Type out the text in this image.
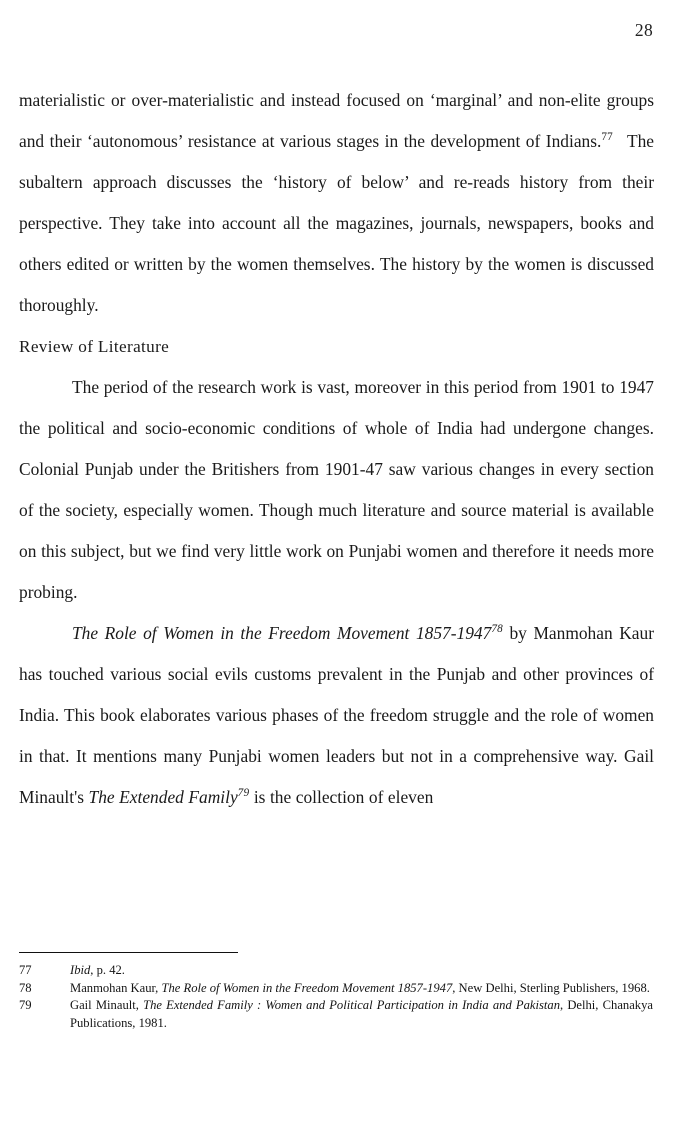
28

materialistic or over-materialistic and instead focused on ‘marginal’ and non-elite groups and their ‘autonomous’ resistance at various stages in the development of Indians.$^{77}$ The subaltern approach discusses the ‘history of below’ and re-reads history from their perspective. They take into account all the magazines, journals, newspapers, books and others edited or written by the women themselves. The history by the women is discussed thoroughly.

Review of Literature

The period of the research work is vast, moreover in this period from 1901 to 1947 the political and socio-economic conditions of whole of India had undergone changes. Colonial Punjab under the Britishers from 1901-47 saw various changes in every section of the society, especially women. Though much literature and source material is available on this subject, but we find very little work on Punjabi women and therefore it needs more probing.

The Role of Women in the Freedom Movement 1857-1947$^{78}$ by Manmohan Kaur has touched various social evils customs prevalent in the Punjab and other provinces of India. This book elaborates various phases of the freedom struggle and the role of women in that. It mentions many Punjabi women leaders but not in a comprehensive way. Gail Minault's The Extended Family$^{79}$ is the collection of eleven

77	Ibid, p. 42.
78	Manmohan Kaur, The Role of Women in the Freedom Movement 1857-1947, New Delhi, Sterling Publishers, 1968.
79	Gail Minault, The Extended Family : Women and Political Participation in India and Pakistan, Delhi, Chanakya Publications, 1981.
